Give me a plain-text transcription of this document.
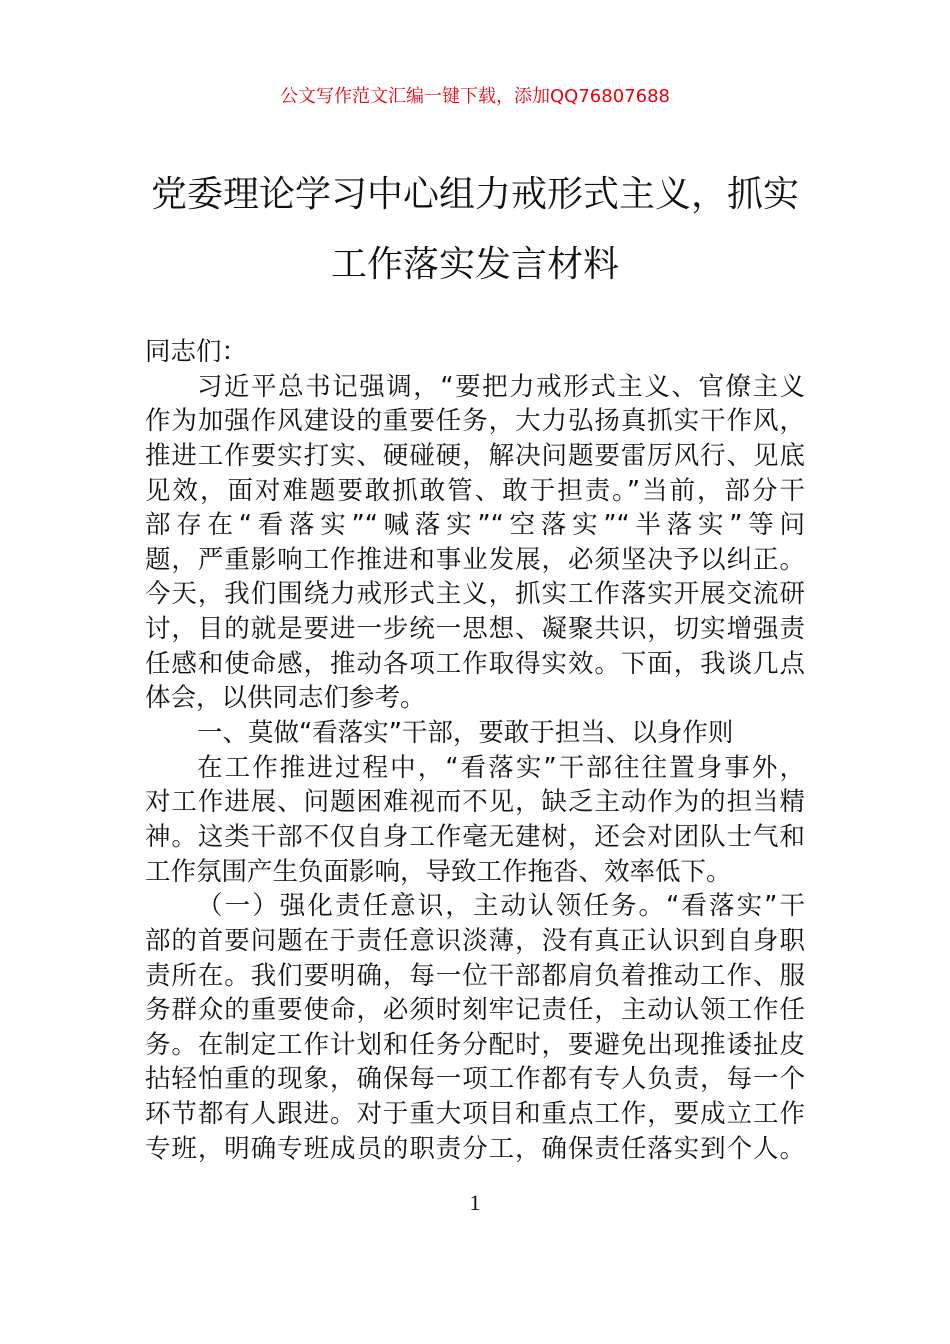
公文写作范文汇编一键下载，添加QQ76807688
党委理论学习中心组力戒形式主义，抓实
工作落实发言材料
同志们：
习近平总书记强调，“要把力戒形式主义、官僚主义
作为加强作风建设的重要任务，大力弘扬真抓实干作风，
推进工作要实打实、硬碰硬，解决问题要雷厉风行、见底
见效，面对难题要敢抓敢管、敢于担责。”当前，部分干
部存在“看落实”“喊落实”“空落实”“半落实”等问
题，严重影响工作推进和事业发展，必须坚决予以纠正。
今天，我们围绕力戒形式主义，抓实工作落实开展交流研
讨，目的就是要进一步统一思想、凝聚共识，切实增强责
任感和使命感，推动各项工作取得实效。下面，我谈几点
体会，以供同志们参考。
一、莫做“看落实”干部，要敢于担当、以身作则
在工作推进过程中，“看落实”干部往往置身事外，
对工作进展、问题困难视而不见，缺乏主动作为的担当精
神。这类干部不仅自身工作毫无建树，还会对团队士气和
工作氛围产生负面影响，导致工作拖沓、效率低下。
（一）强化责任意识，主动认领任务。“看落实”干
部的首要问题在于责任意识淡薄，没有真正认识到自身职
责所在。我们要明确，每一位干部都肩负着推动工作、服
务群众的重要使命，必须时刻牢记责任，主动认领工作任
务。在制定工作计划和任务分配时，要避免出现推诿扯皮
拈轻怕重的现象，确保每一项工作都有专人负责，每一个
环节都有人跟进。对于重大项目和重点工作，要成立工作
专班，明确专班成员的职责分工，确保责任落实到个人。
1
